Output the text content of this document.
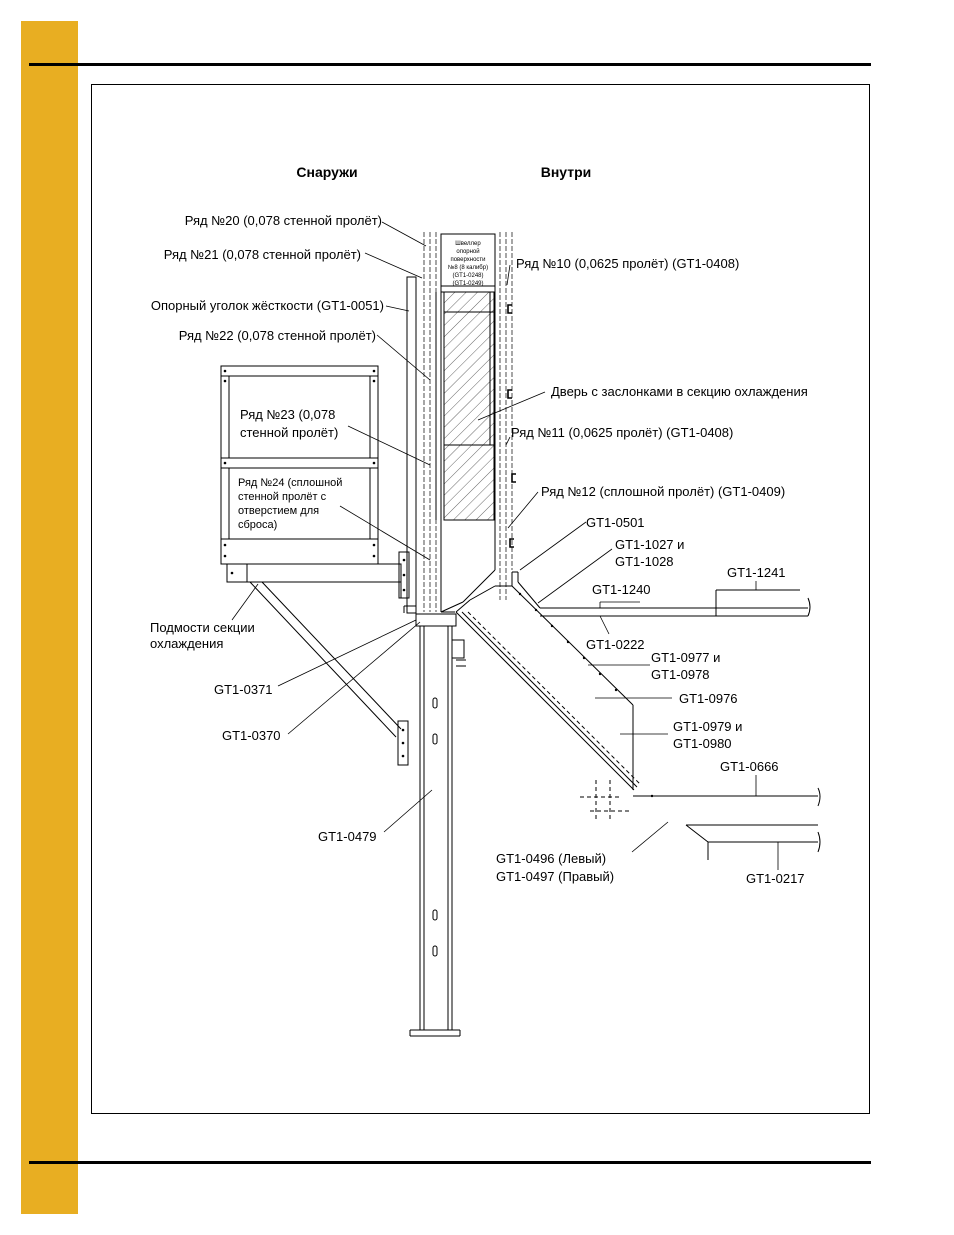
Снаружи	Внутри
Швеллер
опорной
поверхности
№8 (8 калибр)
(GT1-0248)
(GT1-0249)
Ряд №20 (0,078 стенной пролёт)
Ряд №21 (0,078 стенной пролёт)
Опорный уголок жёсткости (GT1-0051)
Ряд №22 (0,078 стенной пролёт)
Ряд №23 (0,078
стенной пролёт)
Ряд №24 (сплошной
стенной пролёт с
отверстием для
сброса)
Подмости секции
охлаждения
GT1-0371
GT1-0370
GT1-0479
Ряд №10 (0,0625 пролёт) (GT1-0408)
Дверь с заслонками в секцию охлаждения
Ряд №11 (0,0625 пролёт) (GT1-0408)
Ряд №12 (сплошной пролёт) (GT1-0409)
GT1-0501
GT1-1027 и
GT1-1028
GT1-1240
GT1-1241
GT1-0222
GT1-0977 и
GT1-0978
GT1-0976
GT1-0979 и
GT1-0980
GT1-0666
GT1-0496 (Левый)
GT1-0497 (Правый)	GT1-0217
